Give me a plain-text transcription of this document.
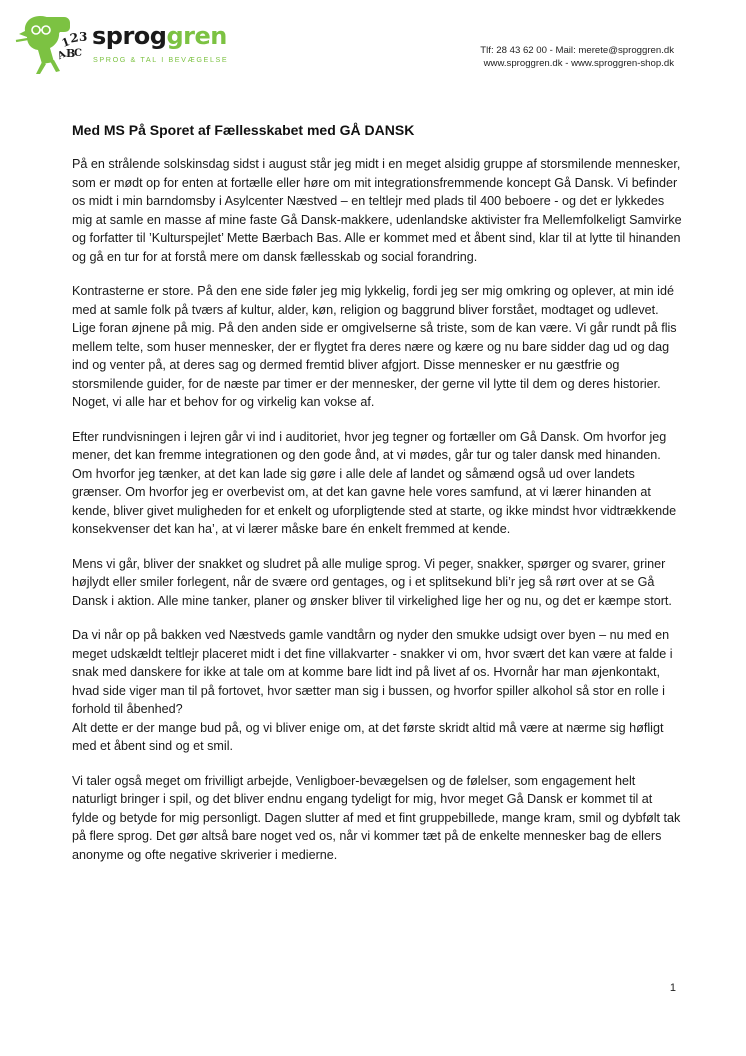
1
2 3
A
B
C
sproggren
SPROG & TAL I BEVÆGELSE
Tlf: 28 43 62 00 - Mail: merete@sproggren.dk
www.sproggren.dk - www.sproggren-shop.dk
Med MS På Sporet af Fællesskabet med GÅ DANSK

På en strålende solskinsdag sidst i august står jeg midt i en meget alsidig gruppe af storsmilende mennesker, som er mødt op for enten at fortælle eller høre om mit integrationsfremmende koncept Gå Dansk. Vi befinder os midt i min barndomsby i Asylcenter Næstved – en teltlejr med plads til 400 beboere - og det er lykkedes mig at samle en masse af mine faste Gå Dansk-makkere, udenlandske aktivister fra Mellemfolkeligt Samvirke og forfatter til ’Kulturspejlet’ Mette Bærbach Bas. Alle er kommet med et åbent sind, klar til at lytte til hinanden og gå en tur for at forstå mere om dansk fællesskab og social forandring.

Kontrasterne er store. På den ene side føler jeg mig lykkelig, fordi jeg ser mig omkring og oplever, at min idé med at samle folk på tværs af kultur, alder, køn, religion og baggrund bliver forstået, modtaget og udlevet. Lige foran øjnene på mig. På den anden side er omgivelserne så triste, som de kan være. Vi går rundt på flis mellem telte, som huser mennesker, der er flygtet fra deres nære og kære og nu bare sidder dag ud og dag ind og venter på, at deres sag og dermed fremtid bliver afgjort. Disse mennesker er nu gæstfrie og storsmilende guider, for de næste par timer er der mennesker, der gerne vil lytte til dem og deres historier. Noget, vi alle har et behov for og virkelig kan vokse af.

Efter rundvisningen i lejren går vi ind i auditoriet, hvor jeg tegner og fortæller om Gå Dansk. Om hvorfor jeg mener, det kan fremme integrationen og den gode ånd, at vi mødes, går tur og taler dansk med hinanden. Om hvorfor jeg tænker, at det kan lade sig gøre i alle dele af landet og såmænd også ud over landets grænser. Om hvorfor jeg er overbevist om, at det kan gavne hele vores samfund, at vi lærer hinanden at kende, bliver givet muligheden for et enkelt og uforpligtende sted at starte, og ikke mindst hvor vidtrækkende konsekvenser det kan ha’, at vi lærer måske bare én enkelt fremmed at kende.

Mens vi går, bliver der snakket og sludret på alle mulige sprog. Vi peger, snakker, spørger og svarer, griner højlydt eller smiler forlegent, når de svære ord gentages, og i et splitsekund bli’r jeg så rørt over at se Gå Dansk i aktion. Alle mine tanker, planer og ønsker bliver til virkelighed lige her og nu, og det er kæmpe stort.

Da vi når op på bakken ved Næstveds gamle vandtårn og nyder den smukke udsigt over byen – nu med en meget udskældt teltlejr placeret midt i det fine villakvarter - snakker vi om, hvor svært det kan være at falde i snak med danskere for ikke at tale om at komme bare lidt ind på livet af os. Hvornår har man øjenkontakt, hvad side viger man til på fortovet, hvor sætter man sig i bussen, og hvorfor spiller alkohol så stor en rolle i forhold til åbenhed?
Alt dette er der mange bud på, og vi bliver enige om, at det første skridt altid må være at nærme sig høfligt med et åbent sind og et smil.

Vi taler også meget om frivilligt arbejde, Venligboer-bevægelsen og de følelser, som engagement helt naturligt bringer i spil, og det bliver endnu engang tydeligt for mig, hvor meget Gå Dansk er kommet til at fylde og betyde for mig personligt. Dagen slutter af med et fint gruppebillede, mange kram, smil og dybfølt tak på flere sprog. Det gør altså bare noget ved os, når vi kommer tæt på de enkelte mennesker bag de ellers anonyme og ofte negative skriverier i medierne.

1
